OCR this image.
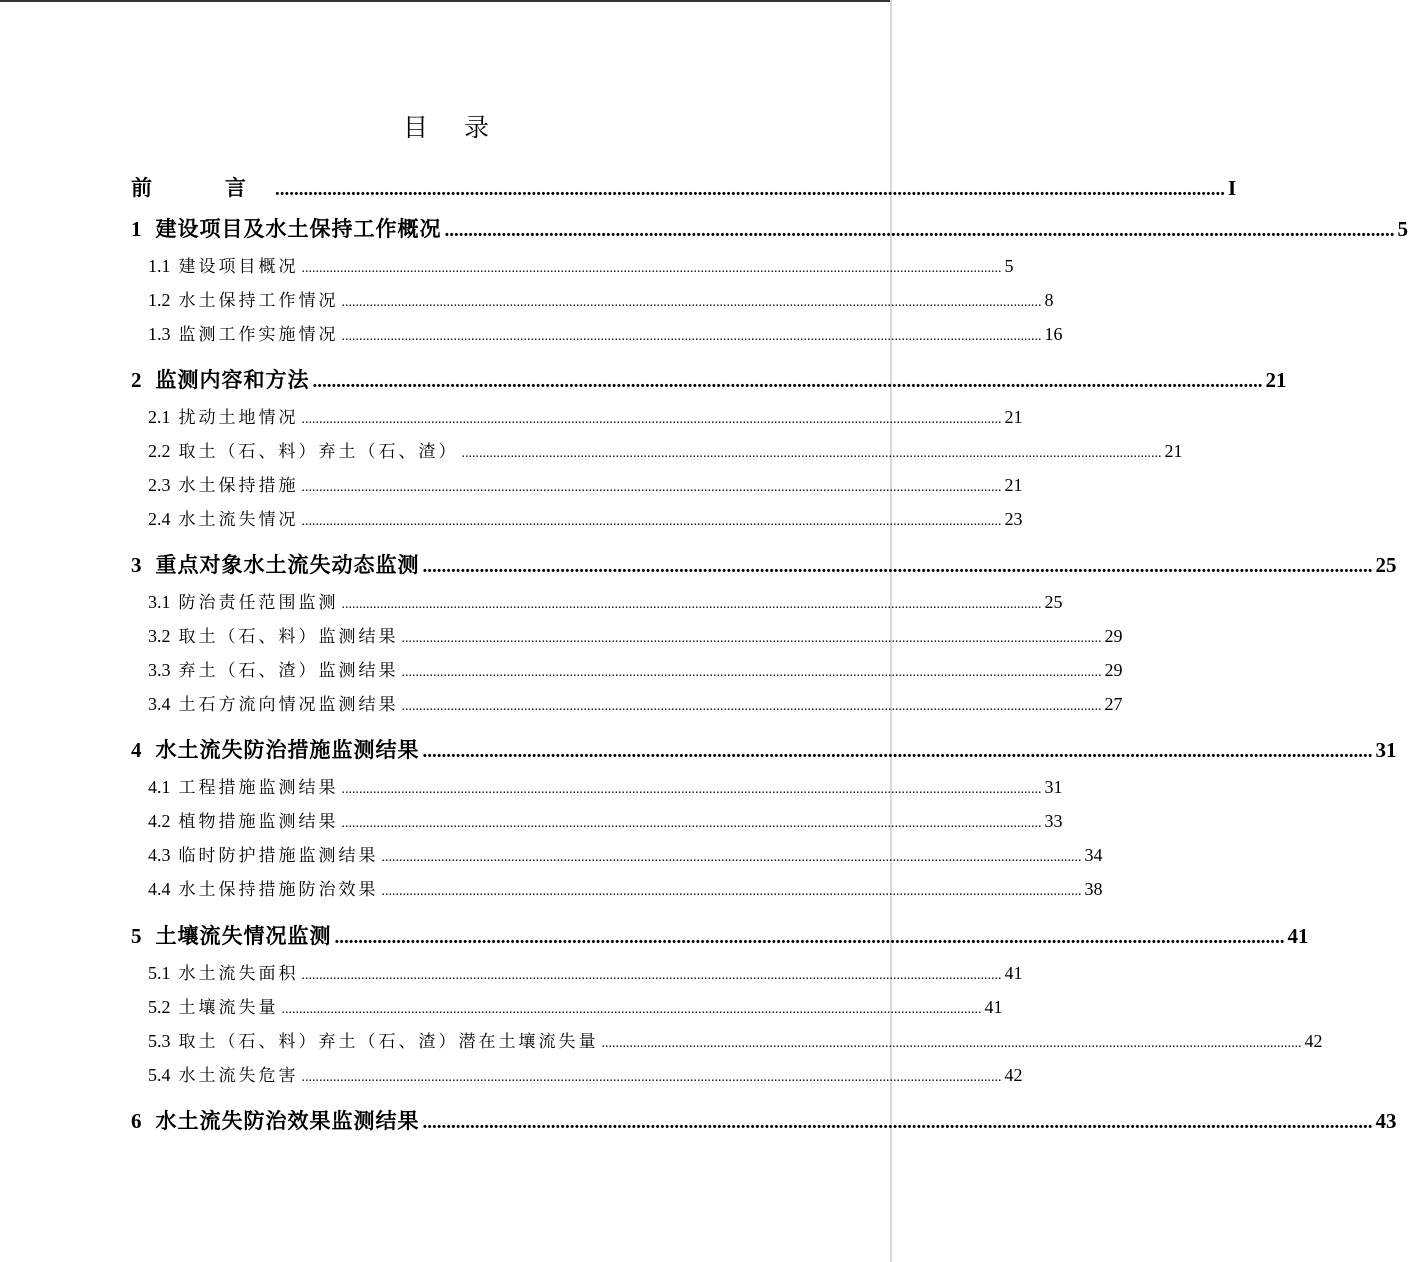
目 录
前　言 ........................................................................................................................................................................................................ I
1 建设项目及水土保持工作概况 ........................................................................................................................................................................................................ 5
1.1 建设项目概况 ........................................................................................................................................................................................................ 5
1.2 水土保持工作情况 ........................................................................................................................................................................................................ 8
1.3 监测工作实施情况 ........................................................................................................................................................................................................ 16
2 监测内容和方法 ........................................................................................................................................................................................................ 21
2.1 扰动土地情况 ........................................................................................................................................................................................................ 21
2.2 取土（石、料）弃土（石、渣） ........................................................................................................................................................................................................ 21
2.3 水土保持措施 ........................................................................................................................................................................................................ 21
2.4 水土流失情况 ........................................................................................................................................................................................................ 23
3 重点对象水土流失动态监测 ........................................................................................................................................................................................................ 25
3.1 防治责任范围监测 ........................................................................................................................................................................................................ 25
3.2 取土（石、料）监测结果 ........................................................................................................................................................................................................ 29
3.3 弃土（石、渣）监测结果 ........................................................................................................................................................................................................ 29
3.4 土石方流向情况监测结果 ........................................................................................................................................................................................................ 27
4 水土流失防治措施监测结果 ........................................................................................................................................................................................................ 31
4.1 工程措施监测结果 ........................................................................................................................................................................................................ 31
4.2 植物措施监测结果 ........................................................................................................................................................................................................ 33
4.3 临时防护措施监测结果 ........................................................................................................................................................................................................ 34
4.4 水土保持措施防治效果 ........................................................................................................................................................................................................ 38
5 土壤流失情况监测 ........................................................................................................................................................................................................ 41
5.1 水土流失面积 ........................................................................................................................................................................................................ 41
5.2 土壤流失量 ........................................................................................................................................................................................................ 41
5.3 取土（石、料）弃土（石、渣）潜在土壤流失量 ........................................................................................................................................................................................................ 42
5.4 水土流失危害 ........................................................................................................................................................................................................ 42
6 水土流失防治效果监测结果 ........................................................................................................................................................................................................ 43
